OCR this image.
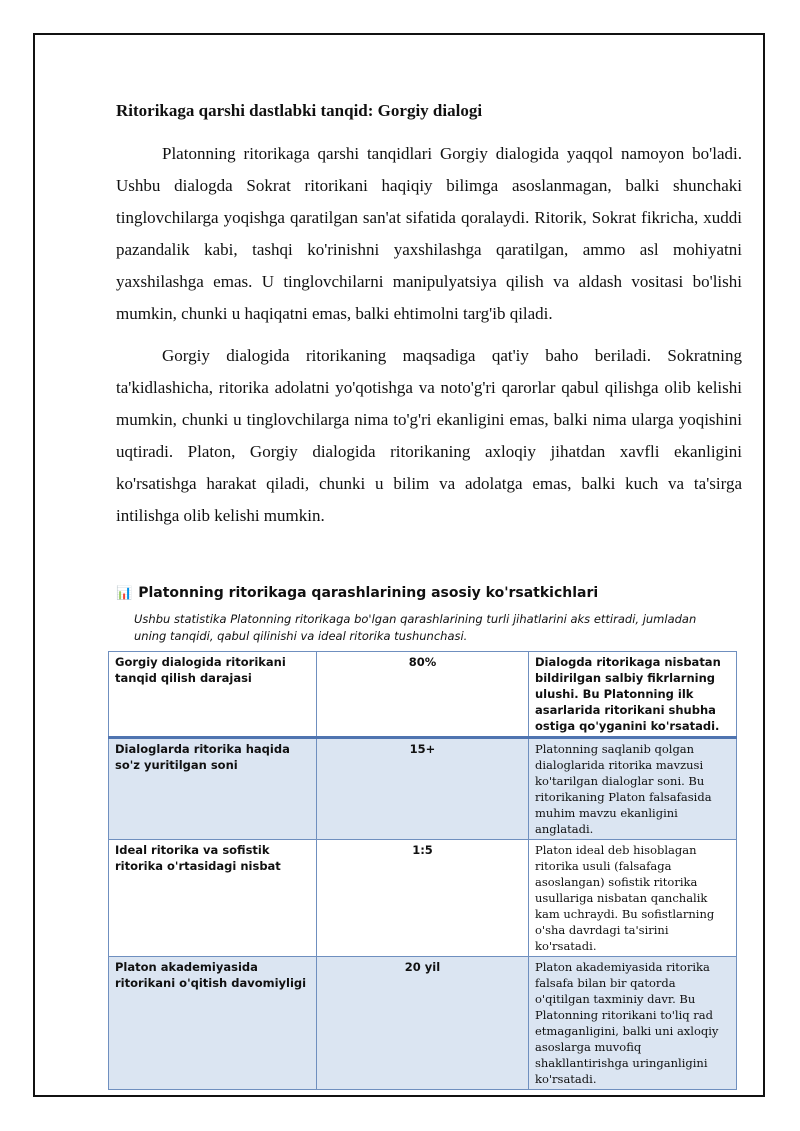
Ritorikaga qarshi dastlabki tanqid: Gorgiy dialogi

Platonning ritorikaga qarshi tanqidlari Gorgiy dialogida yaqqol namoyon bo'ladi. Ushbu dialogda Sokrat ritorikani haqiqiy bilimga asoslanmagan, balki shunchaki tinglovchilarga yoqishga qaratilgan san'at sifatida qoralaydi. Ritorik, Sokrat fikricha, xuddi pazandalik kabi, tashqi ko'rinishni yaxshilashga qaratilgan, ammo asl mohiyatni yaxshilashga emas. U tinglovchilarni manipulyatsiya qilish va aldash vositasi bo'lishi mumkin, chunki u haqiqatni emas, balki ehtimolni targ'ib qiladi.

Gorgiy dialogida ritorikaning maqsadiga qat'iy baho beriladi. Sokratning ta'kidlashicha, ritorika adolatni yo'qotishga va noto'g'ri qarorlar qabul qilishga olib kelishi mumkin, chunki u tinglovchilarga nima to'g'ri ekanligini emas, balki nima ularga yoqishini uqtiradi. Platon, Gorgiy dialogida ritorikaning axloqiy jihatdan xavfli ekanligini ko'rsatishga harakat qiladi, chunki u bilim va adolatga emas, balki kuch va ta'sirga intilishga olib kelishi mumkin.

📊 Platonning ritorikaga qarashlarining asosiy ko'rsatkichlari
Ushbu statistika Platonning ritorikaga bo'lgan qarashlarining turli jihatlarini aks ettiradi, jumladan uning tanqidi, qabul qilinishi va ideal ritorika tushunchasi.
Gorgiy dialogida ritorikani tanqid qilish darajasi	80%	Dialogda ritorikaga nisbatan bildirilgan salbiy fikrlarning ulushi. Bu Platonning ilk asarlarida ritorikani shubha ostiga qo'yganini ko'rsatadi.
Dialoglarda ritorika haqida so'z yuritilgan soni	15+	Platonning saqlanib qolgan dialoglarida ritorika mavzusi ko'tarilgan dialoglar soni. Bu ritorikaning Platon falsafasida muhim mavzu ekanligini anglatadi.
Ideal ritorika va sofistik ritorika o'rtasidagi nisbat	1:5	Platon ideal deb hisoblagan ritorika usuli (falsafaga asoslangan) sofistik ritorika usullariga nisbatan qanchalik kam uchraydi. Bu sofistlarning o'sha davrdagi ta'sirini ko'rsatadi.
Platon akademiyasida ritorikani o'qitish davomiyligi	20 yil	Platon akademiyasida ritorika falsafa bilan bir qatorda o'qitilgan taxminiy davr. Bu Platonning ritorikani to'liq rad etmaganligini, balki uni axloqiy asoslarga muvofiq shakllantirishga uringanligini ko'rsatadi.
